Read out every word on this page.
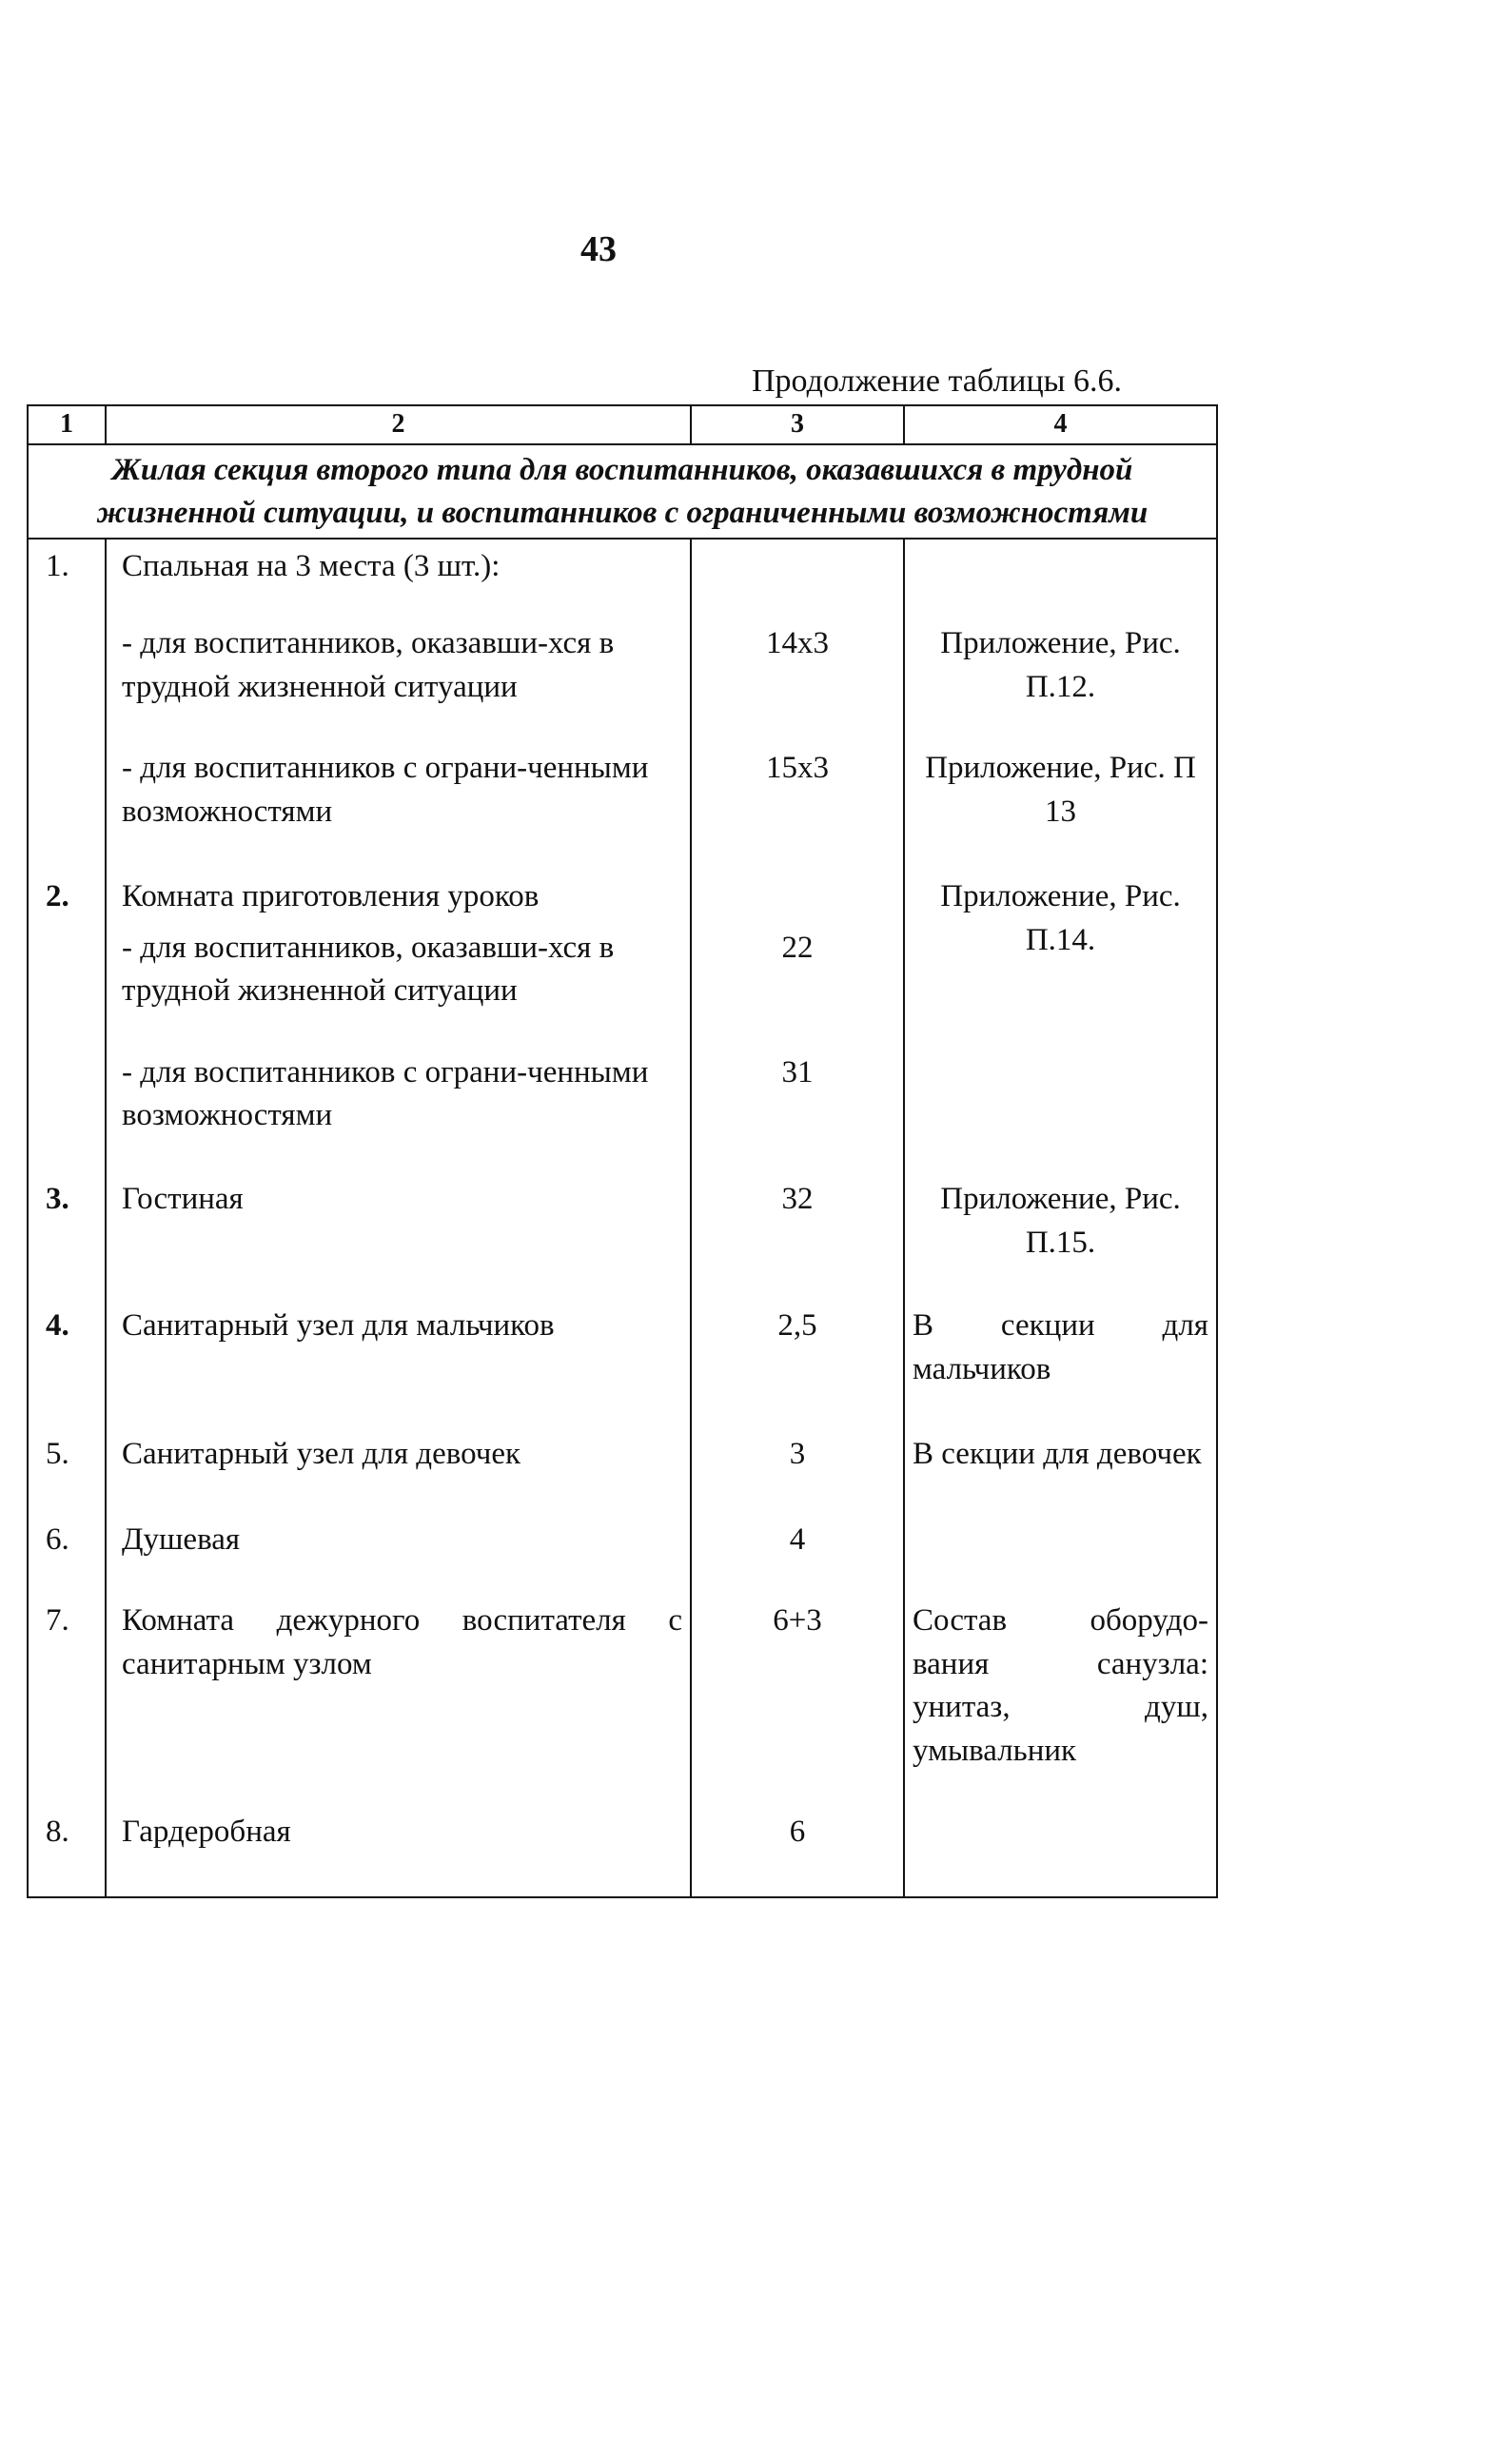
43
Продолжение таблицы 6.6.
1	2	3	4
Жилая секция второго типа для воспитанников, оказавшихся в трудной жизненной ситуации, и воспитанников с ограниченными возможностями			
1.	Спальная на 3 места (3 шт.):		
	- для воспитанников, оказавши-хся в трудной жизненной ситуации	14х3	Приложение, Рис. П.12.
	- для воспитанников с ограни-ченными возможностями	15х3	Приложение, Рис. П 13
2.	Комната приготовления уроков		Приложение, Рис. П.14.
	- для воспитанников, оказавши-хся в трудной жизненной ситуации	22	
	- для воспитанников с ограни-ченными возможностями	31	
3.	Гостиная	32	Приложение, Рис. П.15.
4.	Санитарный узел для мальчиков	2,5	В секции для мальчиков
5.	Санитарный узел для девочек	3	В секции для девочек
6.	Душевая	4	
7.	Комната дежурного воспитателя с санитарным узлом	6+3	Состав оборудо-вания санузла: унитаз, душ, умывальник
8.	Гардеробная	6	
